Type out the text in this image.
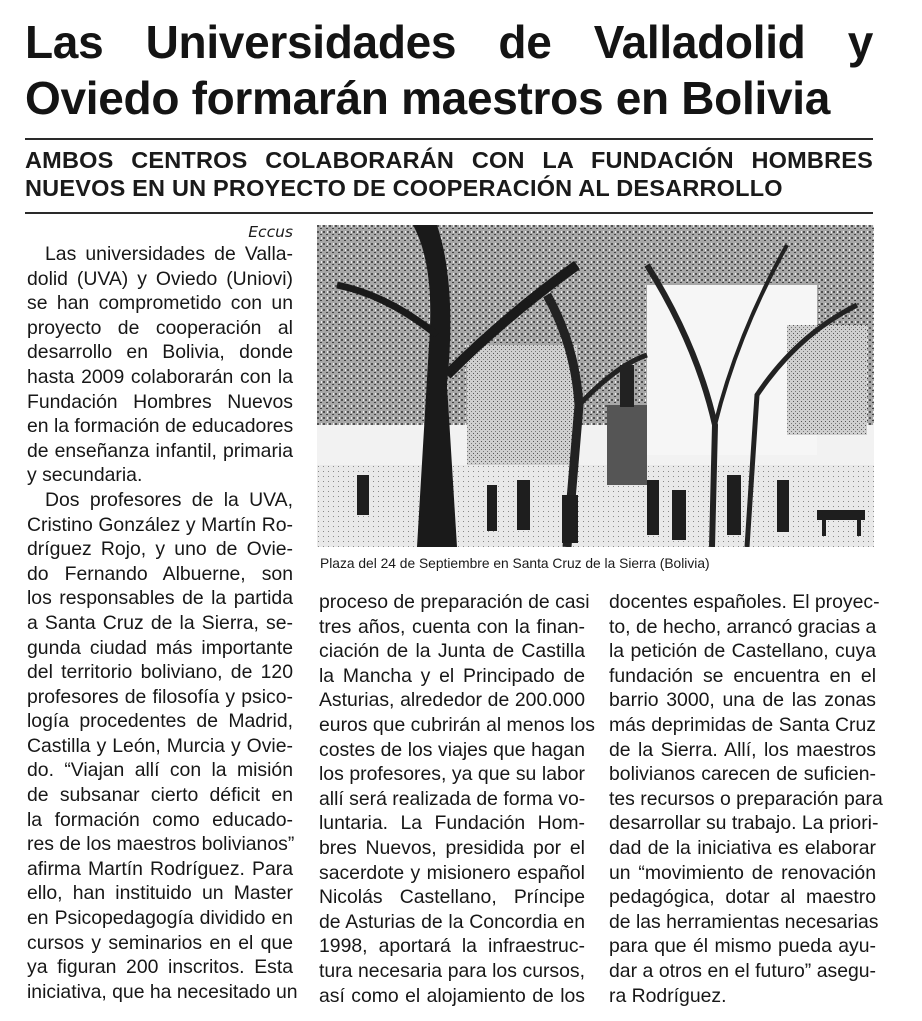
Las Universidades de Valladolid y
Oviedo formarán maestros en Bolivia
AMBOS CENTROS COLABORARÁN CON LA FUNDACIÓN HOMBRES
NUEVOS EN UN PROYECTO DE COOPERACIÓN AL DESARROLLO
Eccus
Las universidades de Valla-
dolid (UVA) y Oviedo (Uniovi)
se han comprometido con un
proyecto de cooperación al
desarrollo en Bolivia, donde
hasta 2009 colaborarán con la
Fundación Hombres Nuevos
en la formación de educadores
de enseñanza infantil, primaria
y secundaria.
Dos profesores de la UVA,
Cristino González y Martín Ro-
dríguez Rojo, y uno de Ovie-
do Fernando Albuerne, son
los responsables de la partida
a Santa Cruz de la Sierra, se-
gunda ciudad más importante
del territorio boliviano, de 120
profesores de filosofía y psico-
logía procedentes de Madrid,
Castilla y León, Murcia y Ovie-
do. “Viajan allí con la misión
de subsanar cierto déficit en
la formación como educado-
res de los maestros bolivianos”
afirma Martín Rodríguez. Para
ello, han instituido un Master
en Psicopedagogía dividido en
cursos y seminarios en el que
ya figuran 200 inscritos. Esta
iniciativa, que ha necesitado un
Plaza del 24 de Septiembre en Santa Cruz de la Sierra (Bolivia)
proceso de preparación de casi
tres años, cuenta con la finan-
ciación de la Junta de Castilla
la Mancha y el Principado de
Asturias, alrededor de 200.000
euros que cubrirán al menos los
costes de los viajes que hagan
los profesores, ya que su labor
allí será realizada de forma vo-
luntaria. La Fundación Hom-
bres Nuevos, presidida por el
sacerdote y misionero español
Nicolás Castellano, Príncipe
de Asturias de la Concordia en
1998, aportará la infraestruc-
tura necesaria para los cursos,
así como el alojamiento de los
docentes españoles. El proyec-
to, de hecho, arrancó gracias a
la petición de Castellano, cuya
fundación se encuentra en el
barrio 3000, una de las zonas
más deprimidas de Santa Cruz
de la Sierra. Allí, los maestros
bolivianos carecen de suficien-
tes recursos o preparación para
desarrollar su trabajo. La priori-
dad de la iniciativa es elaborar
un “movimiento de renovación
pedagógica, dotar al maestro
de las herramientas necesarias
para que él mismo pueda ayu-
dar a otros en el futuro” asegu-
ra Rodríguez.
